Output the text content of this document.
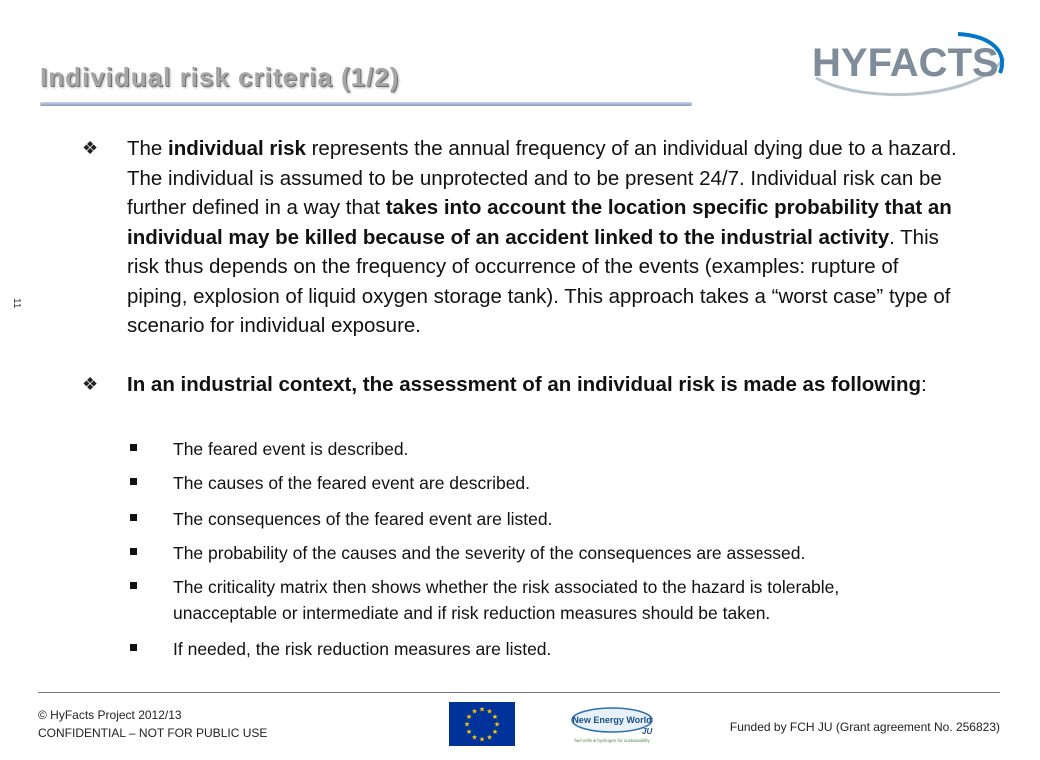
Individual risk criteria (1/2)	HYFACTS
11
❖ The individual risk represents the annual frequency of an individual dying due to a hazard. The individual is assumed to be unprotected and to be present 24/7. Individual risk can be further defined in a way that takes into account the location specific probability that an individual may be killed because of an accident linked to the industrial activity. This risk thus depends on the frequency of occurrence of the events (examples: rupture of piping, explosion of liquid oxygen storage tank). This approach takes a “worst case” type of scenario for individual exposure.
❖ In an industrial context, the assessment of an individual risk is made as following:
The feared event is described.
The causes of the feared event are described.
The consequences of the feared event are listed.
The probability of the causes and the severity of the consequences are assessed.
The criticality matrix then shows whether the risk associated to the hazard is tolerable, unacceptable or intermediate and if risk reduction measures should be taken.
If needed, the risk reduction measures are listed.
© HyFacts Project 2012/13
CONFIDENTIAL – NOT FOR PUBLIC USE
★ ★
★
★
★
★
★
★
★
★
★
★
New Energy World
JU
fuel cells & hydrogen for sustainability
Funded by FCH JU (Grant agreement No. 256823)
